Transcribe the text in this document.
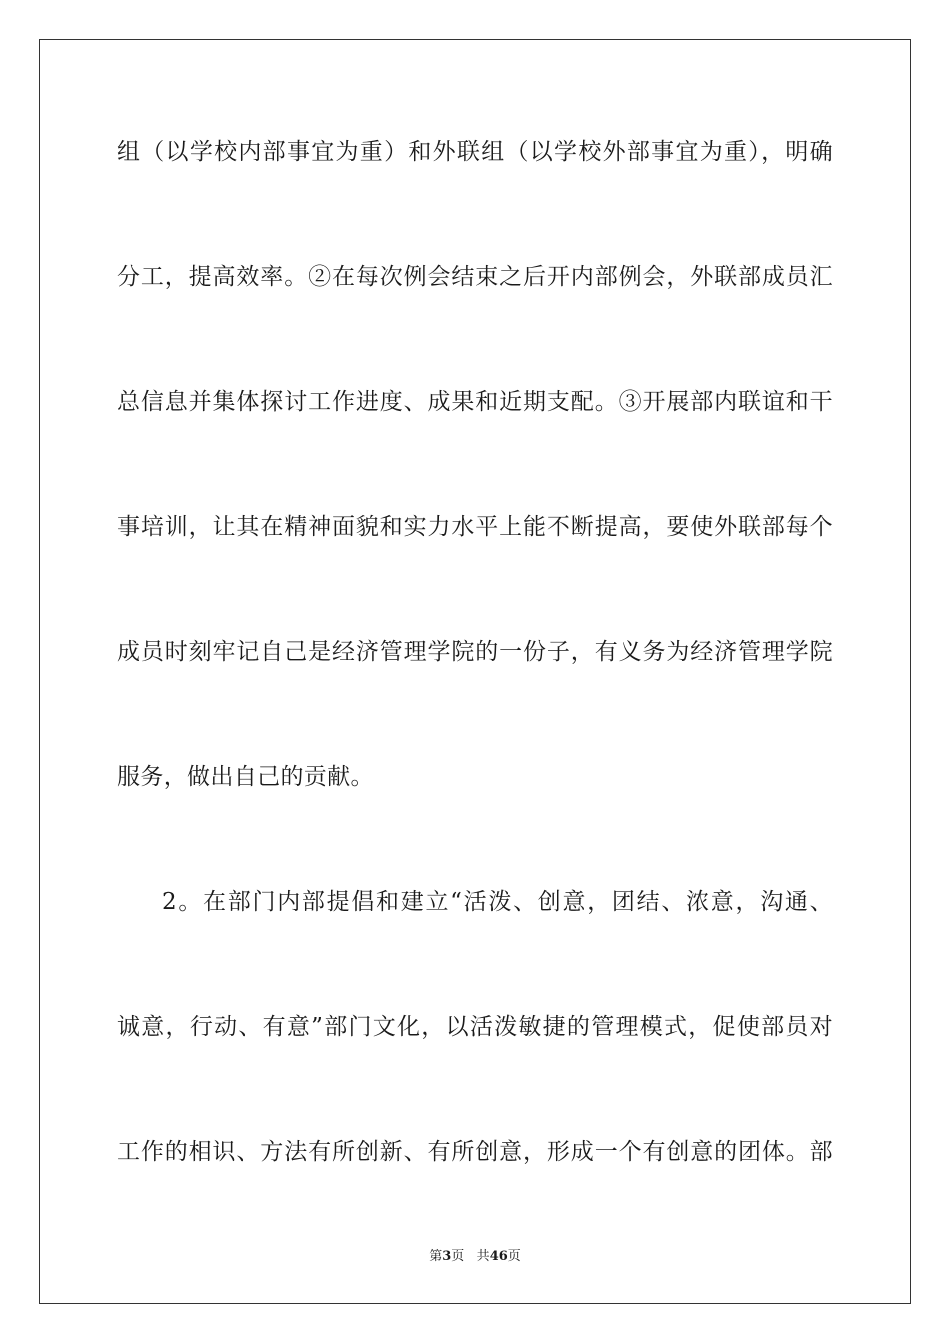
组（以学校内部事宜为重）和外联组（以学校外部事宜为重），明确
分工，提高效率。②在每次例会结束之后开内部例会，外联部成员汇
总信息并集体探讨工作进度、成果和近期支配。③开展部内联谊和干
事培训，让其在精神面貌和实力水平上能不断提高，要使外联部每个
成员时刻牢记自己是经济管理学院的一份子，有义务为经济管理学院
服务，做出自己的贡献。
2。在部门内部提倡和建立“活泼、创意，团结、浓意，沟通、
诚意，行动、有意”部门文化，以活泼敏捷的管理模式，促使部员对
工作的相识、方法有所创新、有所创意，形成一个有创意的团体。部
第3页 共46页
